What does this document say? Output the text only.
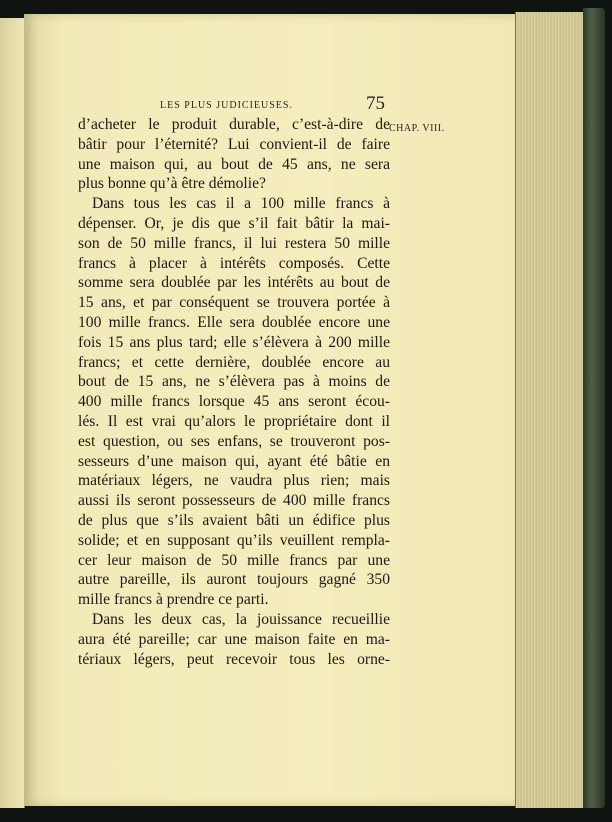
LES PLUS JUDICIEUSES.	75
CHAP. VIII.
d’acheter le produit durable, c’est-à-dire de
bâtir pour l’éternité? Lui convient-il de faire
une maison qui, au bout de 45 ans, ne sera
plus bonne qu’à être démolie?
Dans tous les cas il a 100 mille francs à
dépenser. Or, je dis que s’il fait bâtir la mai-
son de 50 mille francs, il lui restera 50 mille
francs à placer à intérêts composés. Cette
somme sera doublée par les intérêts au bout de
15 ans, et par conséquent se trouvera portée à
100 mille francs. Elle sera doublée encore une
fois 15 ans plus tard; elle s’élèvera à 200 mille
francs; et cette dernière, doublée encore au
bout de 15 ans, ne s’élèvera pas à moins de
400 mille francs lorsque 45 ans seront écou-
lés. Il est vrai qu’alors le propriétaire dont il
est question, ou ses enfans, se trouveront pos-
sesseurs d’une maison qui, ayant été bâtie en
matériaux légers, ne vaudra plus rien; mais
aussi ils seront possesseurs de 400 mille francs
de plus que s’ils avaient bâti un édifice plus
solide; et en supposant qu’ils veuillent rempla-
cer leur maison de 50 mille francs par une
autre pareille, ils auront toujours gagné 350
mille francs à prendre ce parti.
Dans les deux cas, la jouissance recueillie
aura été pareille; car une maison faite en ma-
tériaux légers, peut recevoir tous les orne-
